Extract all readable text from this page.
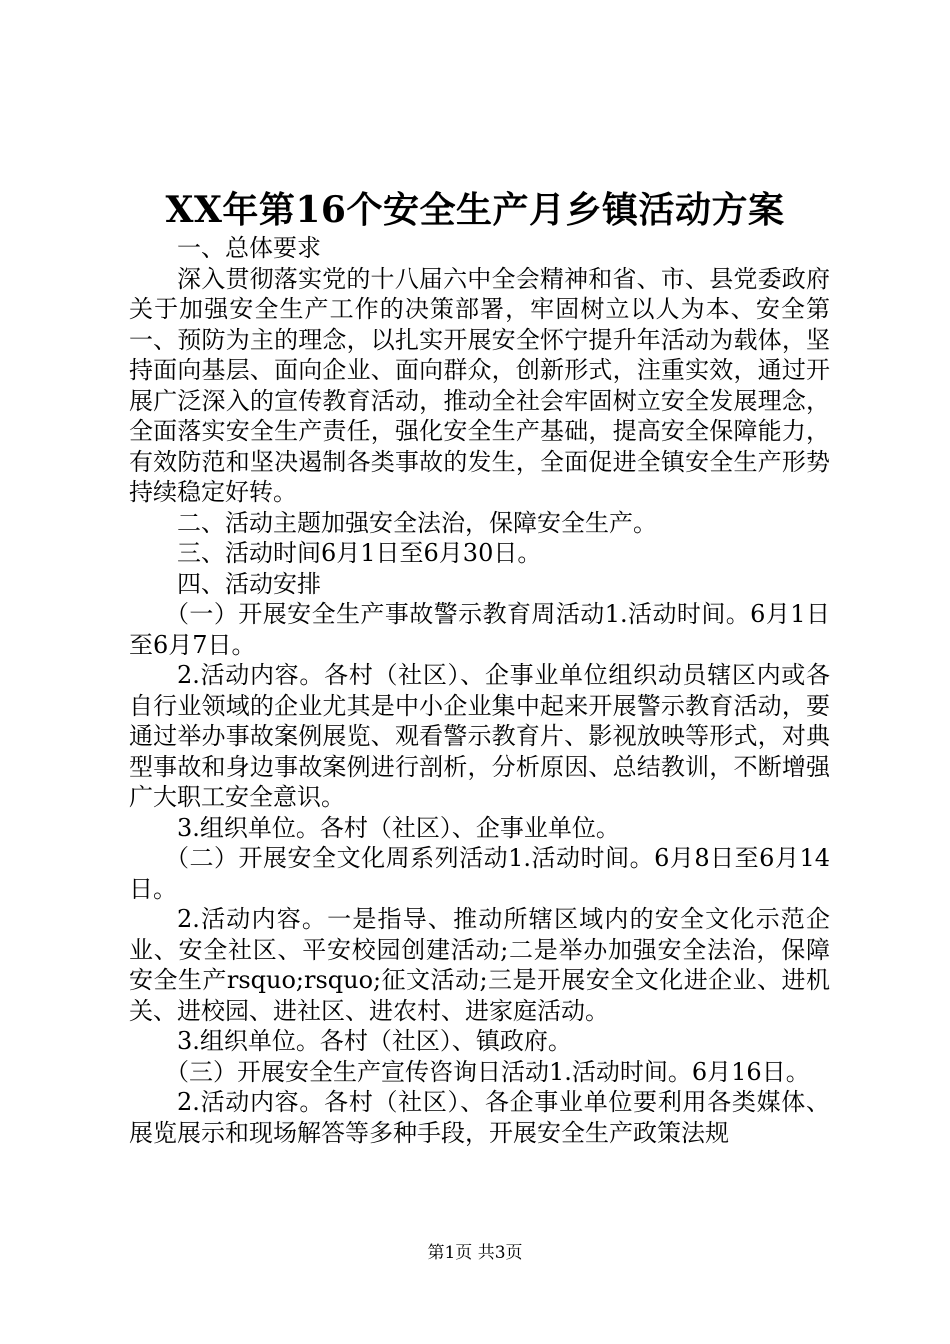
XX年第16个安全生产月乡镇活动方案

一、总体要求

深入贯彻落实党的十八届六中全会精神和省、市、县党委政府关于加强安全生产工作的决策部署，牢固树立以人为本、安全第一、预防为主的理念，以扎实开展安全怀宁提升年活动为载体，坚持面向基层、面向企业、面向群众，创新形式，注重实效，通过开展广泛深入的宣传教育活动，推动全社会牢固树立安全发展理念，全面落实安全生产责任，强化安全生产基础，提高安全保障能力，有效防范和坚决遏制各类事故的发生，全面促进全镇安全生产形势持续稳定好转。

二、活动主题加强安全法治，保障安全生产。

三、活动时间6月1日至6月30日。

四、活动安排

（一）开展安全生产事故警示教育周活动1.活动时间。6月1日至6月7日。

2.活动内容。各村（社区）、企事业单位组织动员辖区内或各自行业领域的企业尤其是中小企业集中起来开展警示教育活动，要通过举办事故案例展览、观看警示教育片、影视放映等形式，对典型事故和身边事故案例进行剖析，分析原因、总结教训，不断增强广大职工安全意识。

3.组织单位。各村（社区）、企事业单位。

（二）开展安全文化周系列活动1.活动时间。6月8日至6月14日。

2.活动内容。一是指导、推动所辖区域内的安全文化示范企业、安全社区、平安校园创建活动;二是举办加强安全法治，保障安全生产rsquo;rsquo;征文活动;三是开展安全文化进企业、进机关、进校园、进社区、进农村、进家庭活动。

3.组织单位。各村（社区）、镇政府。

（三）开展安全生产宣传咨询日活动1.活动时间。6月16日。

2.活动内容。各村（社区）、各企事业单位要利用各类媒体、展览展示和现场解答等多种手段，开展安全生产政策法规

第1页 共3页
